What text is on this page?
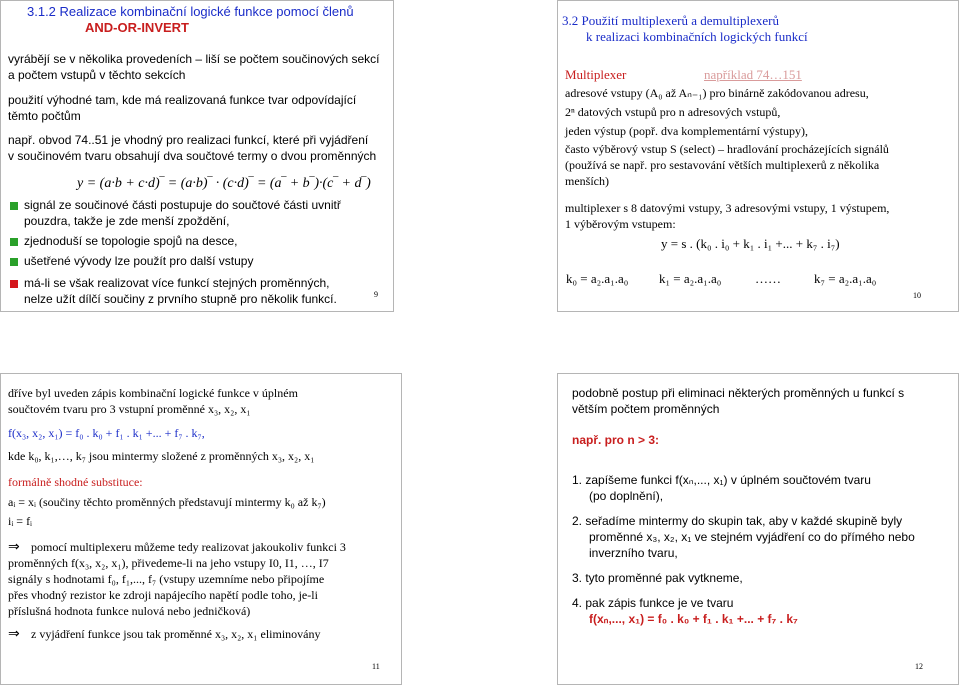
3.1.2 Realizace kombinační logické funkce pomocí členů
AND-OR-INVERT
vyrábějí se v několika provedeních – liší se počtem součinových sekcí
a počtem vstupů v těchto sekcích
použití výhodné tam, kde má realizovaná funkce tvar odpovídající
těmto počtům
např. obvod 74..51 je vhodný pro realizaci funkcí, které při vyjádření
v součinovém tvaru obsahují dva součtové termy o dvou proměnných
y = (a·b + c·d)‾ = (a·b)‾ · (c·d)‾ = (a‾ + b‾)·(c‾ + d‾)
signál ze součinové části postupuje do součtové části uvnitř
pouzdra, takže je zde menší zpoždění,
zjednoduší se topologie spojů na desce,
ušetřené vývody lze použít pro další vstupy
má-li se však realizovat více funkcí stejných proměnných,
nelze užít dílčí součiny z prvního stupně pro několik funkcí.	9
3.2 Použití multiplexerů a demultiplexerů
k realizaci kombinačních logických funkcí
Multiplexer	například 74…151
adresové vstupy (A₀ až Aₙ₋₁) pro binárně zakódovanou adresu,
2ⁿ datových vstupů pro n adresových vstupů,
jeden výstup (popř. dva komplementární výstupy),
často výběrový vstup S (select) – hradlování procházejících signálů
(používá se např. pro sestavování větších multiplexerů z několika
menších)
multiplexer s 8 datovými vstupy, 3 adresovými vstupy, 1 výstupem,
1 výběrovým vstupem:
y = s . (k₀ . i₀ + k₁ . i₁ +... + k₇ . i₇)
k₀ = a₂.a₁.a₀ k₁ = a₂.a₁.a₀	……	k₇ = a₂.a₁.a₀
10
dříve byl uveden zápis kombinační logické funkce v úplném
součtovém tvaru pro 3 vstupní proměnné x₃, x₂, x₁
f(x₃, x₂, x₁) = f₀ . k₀ + f₁ . k₁ +... + f₇ . k₇,
kde k₀, k₁,…, k₇ jsou mintermy složené z proměnných x₃, x₂, x₁
formálně shodné substituce:
aᵢ = xᵢ (součiny těchto proměnných představují mintermy k₀ až k₇)
iᵢ = fᵢ
⇒ pomocí multiplexeru můžeme tedy realizovat jakoukoliv funkci 3
proměnných f(x₃, x₂, x₁), přivedeme-li na jeho vstupy I0, I1, …, I7
signály s hodnotami f₀, f₁,..., f₇ (vstupy uzemníme nebo připojíme
přes vhodný rezistor ke zdroji napájecího napětí podle toho, je-li
příslušná hodnota funkce nulová nebo jedničková)
⇒ z vyjádření funkce jsou tak proměnné x₃, x₂, x₁ eliminovány
11
podobně postup při eliminaci některých proměnných u funkcí s
větším počtem proměnných
např. pro n > 3:
1. zapíšeme funkci f(xₙ,..., x₁) v úplném součtovém tvaru
(po doplnění),
2. seřadíme mintermy do skupin tak, aby v každé skupině byly
proměnné x₃, x₂, x₁ ve stejném vyjádření co do přímého nebo
inverzního tvaru,
3. tyto proměnné pak vytkneme,
4. pak zápis funkce je ve tvaru
f(xₙ,..., x₁) = f₀ . k₀ + f₁ . k₁ +... + f₇ . k₇
12
